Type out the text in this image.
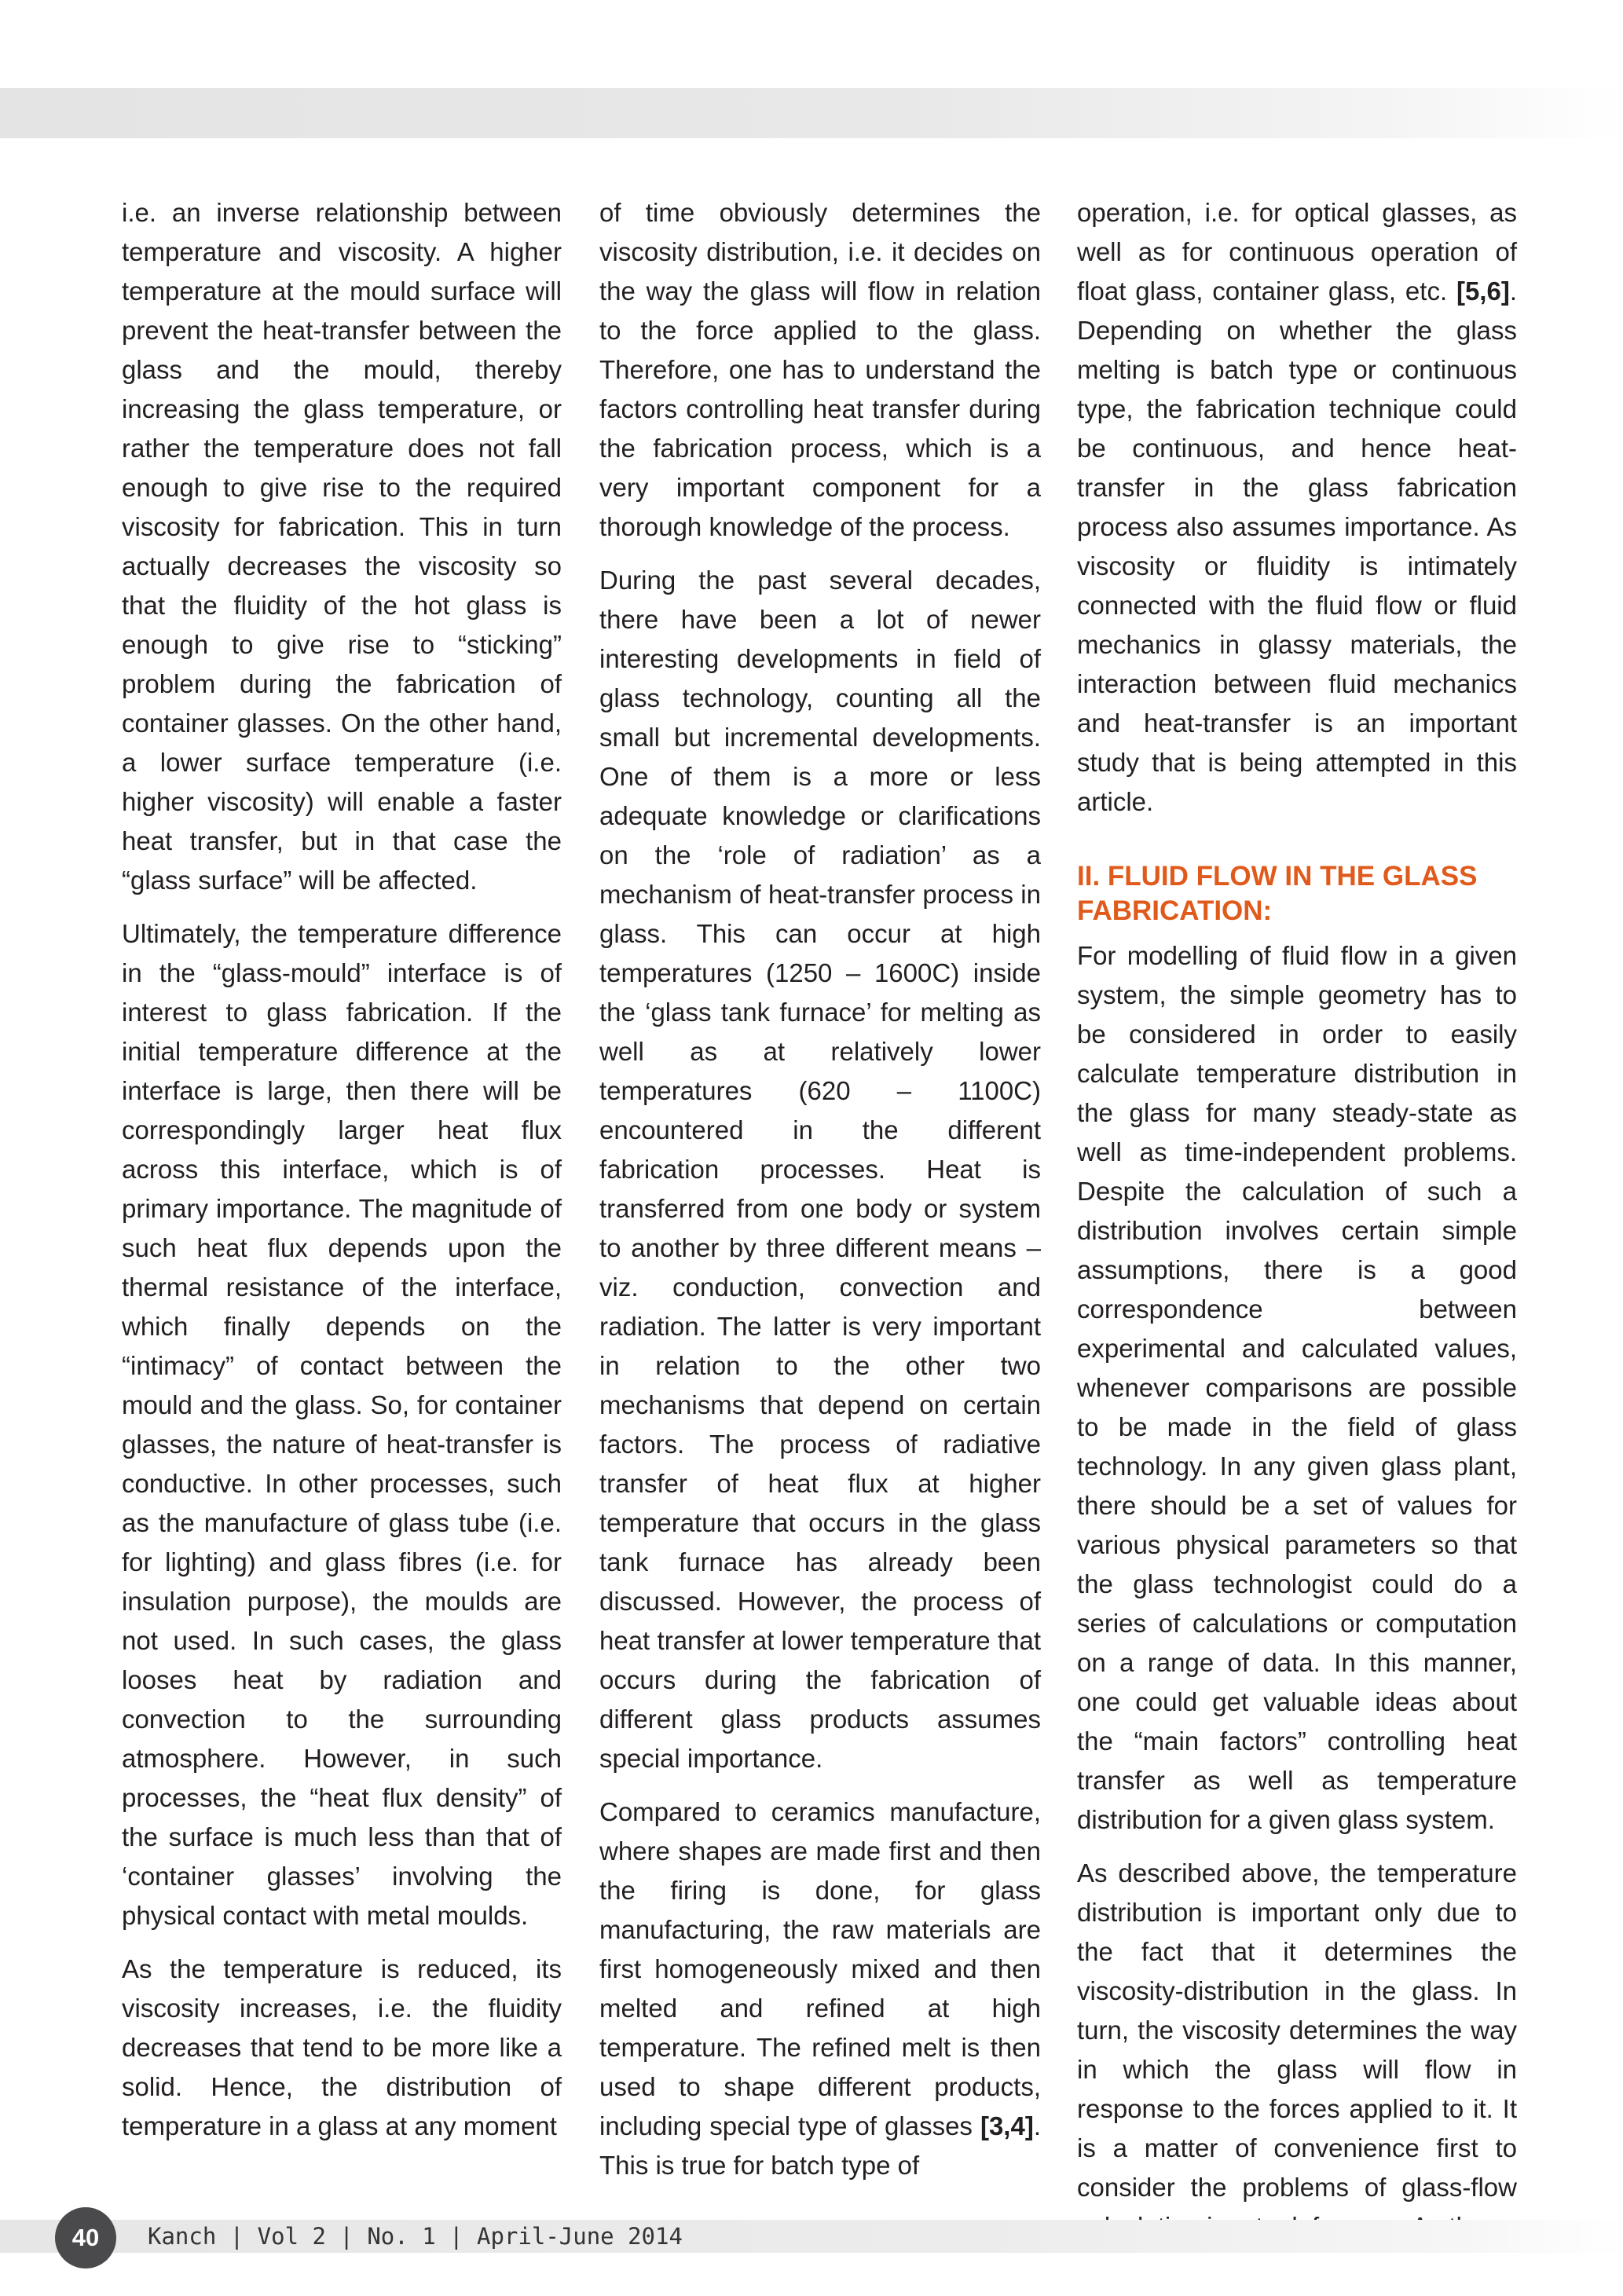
i.e. an inverse relationship between temperature and viscosity. A higher temperature at the mould surface will prevent the heat-transfer between the glass and the mould, thereby increasing the glass temperature, or rather the temperature does not fall enough to give rise to the required viscosity for fabrication. This in turn actually decreases the viscosity so that the fluidity of the hot glass is enough to give rise to “sticking” problem during the fabrication of container glasses. On the other hand, a lower surface temperature (i.e. higher viscosity) will enable a faster heat transfer, but in that case the “glass surface” will be affected.

Ultimately, the temperature difference in the “glass-mould” interface is of interest to glass fabrication. If the initial temperature difference at the interface is large, then there will be correspondingly larger heat flux across this interface, which is of primary importance. The magnitude of such heat flux depends upon the thermal resistance of the interface, which finally depends on the “intimacy” of contact between the mould and the glass. So, for container glasses, the nature of heat-transfer is conductive. In other processes, such as the manufacture of glass tube (i.e. for lighting) and glass fibres (i.e. for insulation purpose), the moulds are not used. In such cases, the glass looses heat by radiation and convection to the surrounding atmosphere. However, in such processes, the “heat flux density” of the surface is much less than that of ‘container glasses’ involving the physical contact with metal moulds.

As the temperature is reduced, its viscosity increases, i.e. the fluidity decreases that tend to be more like a solid. Hence, the distribution of temperature in a glass at any moment

of time obviously determines the viscosity distribution, i.e. it decides on the way the glass will flow in relation to the force applied to the glass. Therefore, one has to understand the factors controlling heat transfer during the fabrication process, which is a very important component for a thorough knowledge of the process.

During the past several decades, there have been a lot of newer interesting developments in field of glass technology, counting all the small but incremental developments. One of them is a more or less adequate knowledge or clarifications on the ‘role of radiation’ as a mechanism of heat-transfer process in glass. This can occur at high temperatures (1250 – 1600C) inside the ‘glass tank furnace’ for melting as well as at relatively lower temperatures (620 – 1100C) encountered in the different fabrication processes. Heat is transferred from one body or system to another by three different means – viz. conduction, convection and radiation. The latter is very important in relation to the other two mechanisms that depend on certain factors. The process of radiative transfer of heat flux at higher temperature that occurs in the glass tank furnace has already been discussed. However, the process of heat transfer at lower temperature that occurs during the fabrication of different glass products assumes special importance.

Compared to ceramics manufacture, where shapes are made first and then the firing is done, for glass manufacturing, the raw materials are first homogeneously mixed and then melted and refined at high temperature. The refined melt is then used to shape different products, including special type of glasses [3,4]. This is true for batch type of

operation, i.e. for optical glasses, as well as for continuous operation of float glass, container glass, etc. [5,6]. Depending on whether the glass melting is batch type or continuous type, the fabrication technique could be continuous, and hence heat-transfer in the glass fabrication process also assumes importance. As viscosity or fluidity is intimately connected with the fluid flow or fluid mechanics in glassy materials, the interaction between fluid mechanics and heat-transfer is an important study that is being attempted in this article.

II. FLUID FLOW IN THE GLASS FABRICATION:

For modelling of fluid flow in a given system, the simple geometry has to be considered in order to easily calculate temperature distribution in the glass for many steady-state as well as time-independent problems. Despite the calculation of such a distribution involves certain simple assumptions, there is a good correspondence between experimental and calculated values, whenever comparisons are possible to be made in the field of glass technology. In any given glass plant, there should be a set of values for various physical parameters so that the glass technologist could do a series of calculations or computation on a range of data. In this manner, one could get valuable ideas about the “main factors” controlling heat transfer as well as temperature distribution for a given glass system.

As described above, the temperature distribution is important only due to the fact that it determines the viscosity-distribution in the glass. In turn, the viscosity determines the way in which the glass will flow in response to the forces applied to it. It is a matter of convenience first to consider the problems of glass-flow

40	Kanch | Vol 2 | No. 1 | April-June 2014
